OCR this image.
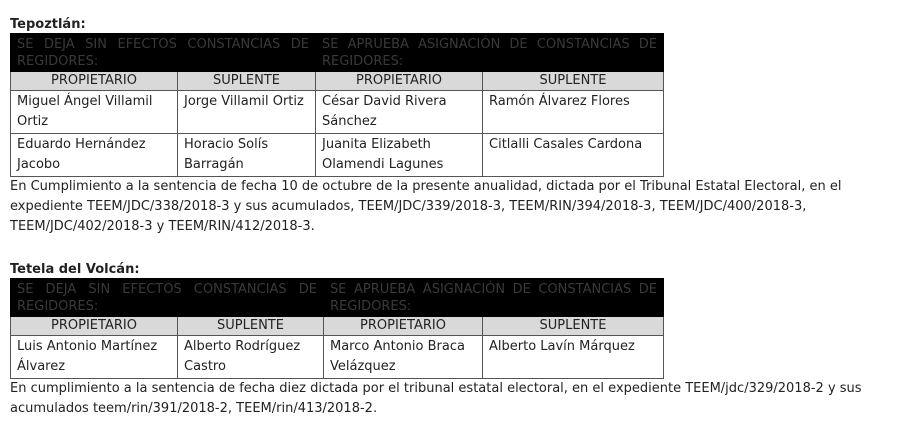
Tepoztlán:
SE DEJA SIN EFECTOS CONSTANCIAS DE REGIDORES:		SE APRUEBA ASIGNACIÓN DE CONSTANCIAS DE REGIDORES:	
PROPIETARIO	SUPLENTE	PROPIETARIO	SUPLENTE
Miguel Ángel Villamil Ortiz	Jorge Villamil Ortiz	César David Rivera Sánchez	Ramón Álvarez Flores
Eduardo Hernández Jacobo	Horacio Solís Barragán	Juanita Elizabeth Olamendi Lagunes	Citlalli Casales Cardona
En Cumplimiento a la sentencia de fecha 10 de octubre de la presente anualidad, dictada por el Tribunal Estatal Electoral, en el expediente TEEM/JDC/338/2018-3 y sus acumulados, TEEM/JDC/339/2018-3, TEEM/RIN/394/2018-3, TEEM/JDC/400/2018-3, TEEM/JDC/402/2018-3 y TEEM/RIN/412/2018-3.
Tetela del Volcán:
SE DEJA SIN EFECTOS CONSTANCIAS DE REGIDORES:		SE APRUEBA ASIGNACIÓN DE CONSTANCIAS DE REGIDORES:	
PROPIETARIO	SUPLENTE	PROPIETARIO	SUPLENTE
Luis Antonio Martínez Álvarez	Alberto Rodríguez Castro	Marco Antonio Braca Velázquez	Alberto Lavín Márquez
En cumplimiento a la sentencia de fecha diez dictada por el tribunal estatal electoral, en el expediente TEEM/jdc/329/2018-2 y sus acumulados teem/rin/391/2018-2, TEEM/rin/413/2018-2.
